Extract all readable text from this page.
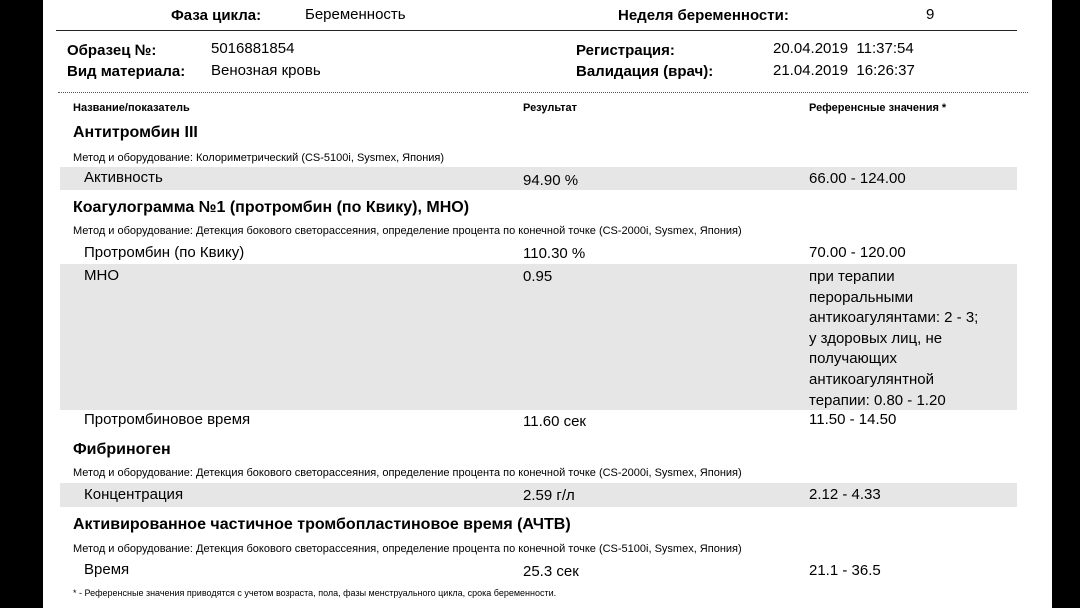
Фаза цикла:	Беременность	Неделя беременности:	9
Образец №:	5016881854
Вид материала: Венозная кровь
Регистрация:	20.04.2019  11:37:54
Валидация (врач):	21.04.2019  16:26:37
Название/показатель	Результат	Референсные значения *
Антитромбин III
Метод и оборудование: Колориметрический (CS-5100i, Sysmex, Япония)
Активность	94.90 %	66.00 - 124.00
Коагулограмма №1 (протромбин (по Квику), МНО)
Метод и оборудование: Детекция бокового светорассеяния, определение процента по конечной точке (CS-2000i, Sysmex, Япония)
Протромбин (по Квику)	110.30 %	70.00 - 120.00
МНО	0.95	при терапии пероральными антикоагулянтами: 2 - 3; у здоровых лиц, не получающих антикоагулянтной терапии: 0.80 - 1.20
Протромбиновое время	11.60 сек	11.50 - 14.50
Фибриноген
Метод и оборудование: Детекция бокового светорассеяния, определение процента по конечной точке (CS-2000i, Sysmex, Япония)
Концентрация	2.59 г/л	2.12 - 4.33
Активированное частичное тромбопластиновое время (АЧТВ)
Метод и оборудование: Детекция бокового светорассеяния, определение процента по конечной точке (CS-5100i, Sysmex, Япония)
Время	25.3 сек	21.1 - 36.5
* - Референсные значения приводятся с учетом возраста, пола, фазы менструального цикла, срока беременности.
